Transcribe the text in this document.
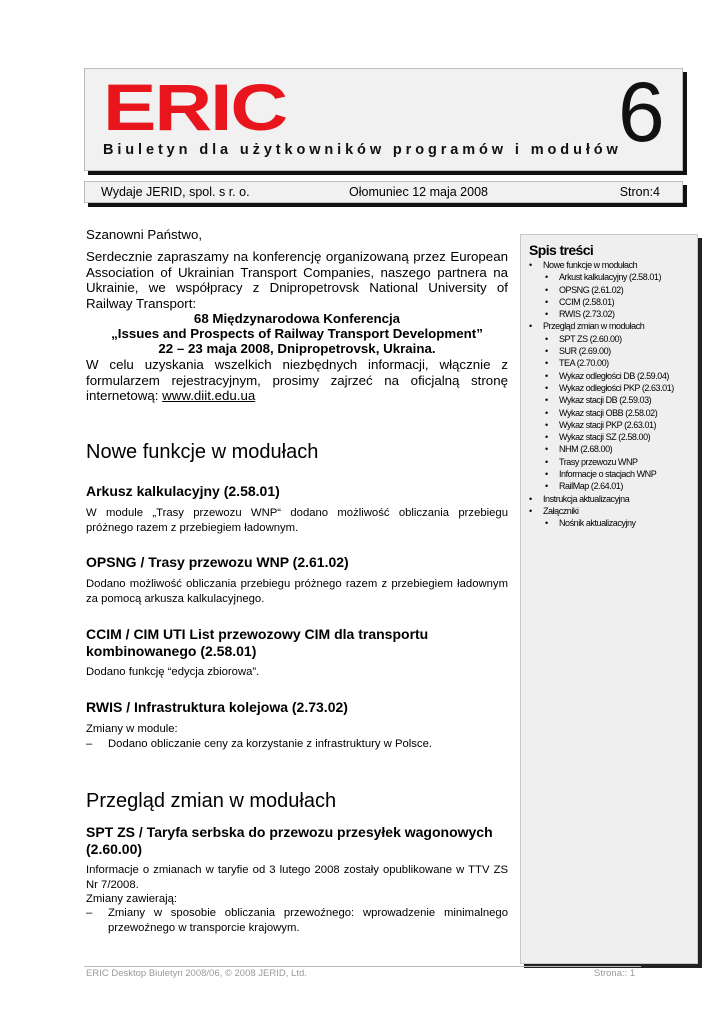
ERIC
Biuletyn dla użytkowników programów i modułów
6
Wydaje JERID, spol. s r. o.	Ołomuniec 12 maja 2008	Stron:4
Szanowni Państwo,
Serdecznie zapraszamy na konferencję organizowaną przez European Association of Ukrainian Transport Companies, naszego partnera na Ukrainie, we współpracy z Dnipropetrovsk National University of Railway Transport:
68 Międzynarodowa Konferencja
„Issues and Prospects of Railway Transport Development”
22 – 23 maja 2008, Dnipropetrovsk, Ukraina.
W celu uzyskania wszelkich niezbędnych informacji, włącznie z formularzem rejestracyjnym, prosimy zajrzeć na oficjalną stronę internetową: www.diit.edu.ua
Nowe funkcje w modułach
Arkusz kalkulacyjny (2.58.01)
W module „Trasy przewozu WNP“ dodano możliwość obliczania przebiegu próżnego razem z przebiegiem ładownym.
OPSNG / Trasy przewozu WNP (2.61.02)
Dodano możliwość obliczania przebiegu próżnego razem z przebiegiem ładownym za pomocą arkusza kalkulacyjnego.
CCIM / CIM UTI List przewozowy CIM dla transportu kombinowanego (2.58.01)
Dodano funkcję “edycja zbiorowa”.
RWIS / Infrastruktura kolejowa (2.73.02)
Zmiany w module:
– Dodano obliczanie ceny za korzystanie z infrastruktury w Polsce.
Przegląd zmian w modułach
SPT ZS / Taryfa serbska do przewozu przesyłek wagonowych (2.60.00)
Informacje o zmianach w taryfie od 3 lutego 2008 zostały opublikowane w TTV ZS Nr 7/2008.
Zmiany zawierają:
– Zmiany w sposobie obliczania przewoźnego: wprowadzenie minimalnego przewoźnego w transporcie krajowym.
Spis treści
• Nowe funkcje w modułach
• Arkust kalkulacyjny (2.58.01)
• OPSNG (2.61.02)
• CCIM (2.58.01)
• RWIS (2.73.02)
• Przegląd zmian w modułach
• SPT ZS (2.60.00)
• SUR (2.69.00)
• TEA (2.70.00)
• Wykaz odległości DB (2.59.04)
• Wykaz odległości PKP (2.63.01)
• Wykaz stacji DB (2.59.03)
• Wykaz stacji OBB (2.58.02)
• Wykaz stacji PKP (2.63.01)
• Wykaz stacji SZ (2.58.00)
• NHM (2.68.00)
• Trasy przewozu WNP
• Informacje o stacjach WNP
• RailMap (2.64.01)
• Instrukcja aktualizacyjna
• Załączniki
• Nośnik aktualizacyjny
ERIC Desktop Biuletyn 2008/06, © 2008 JERID, Ltd.	Strona:: 1
